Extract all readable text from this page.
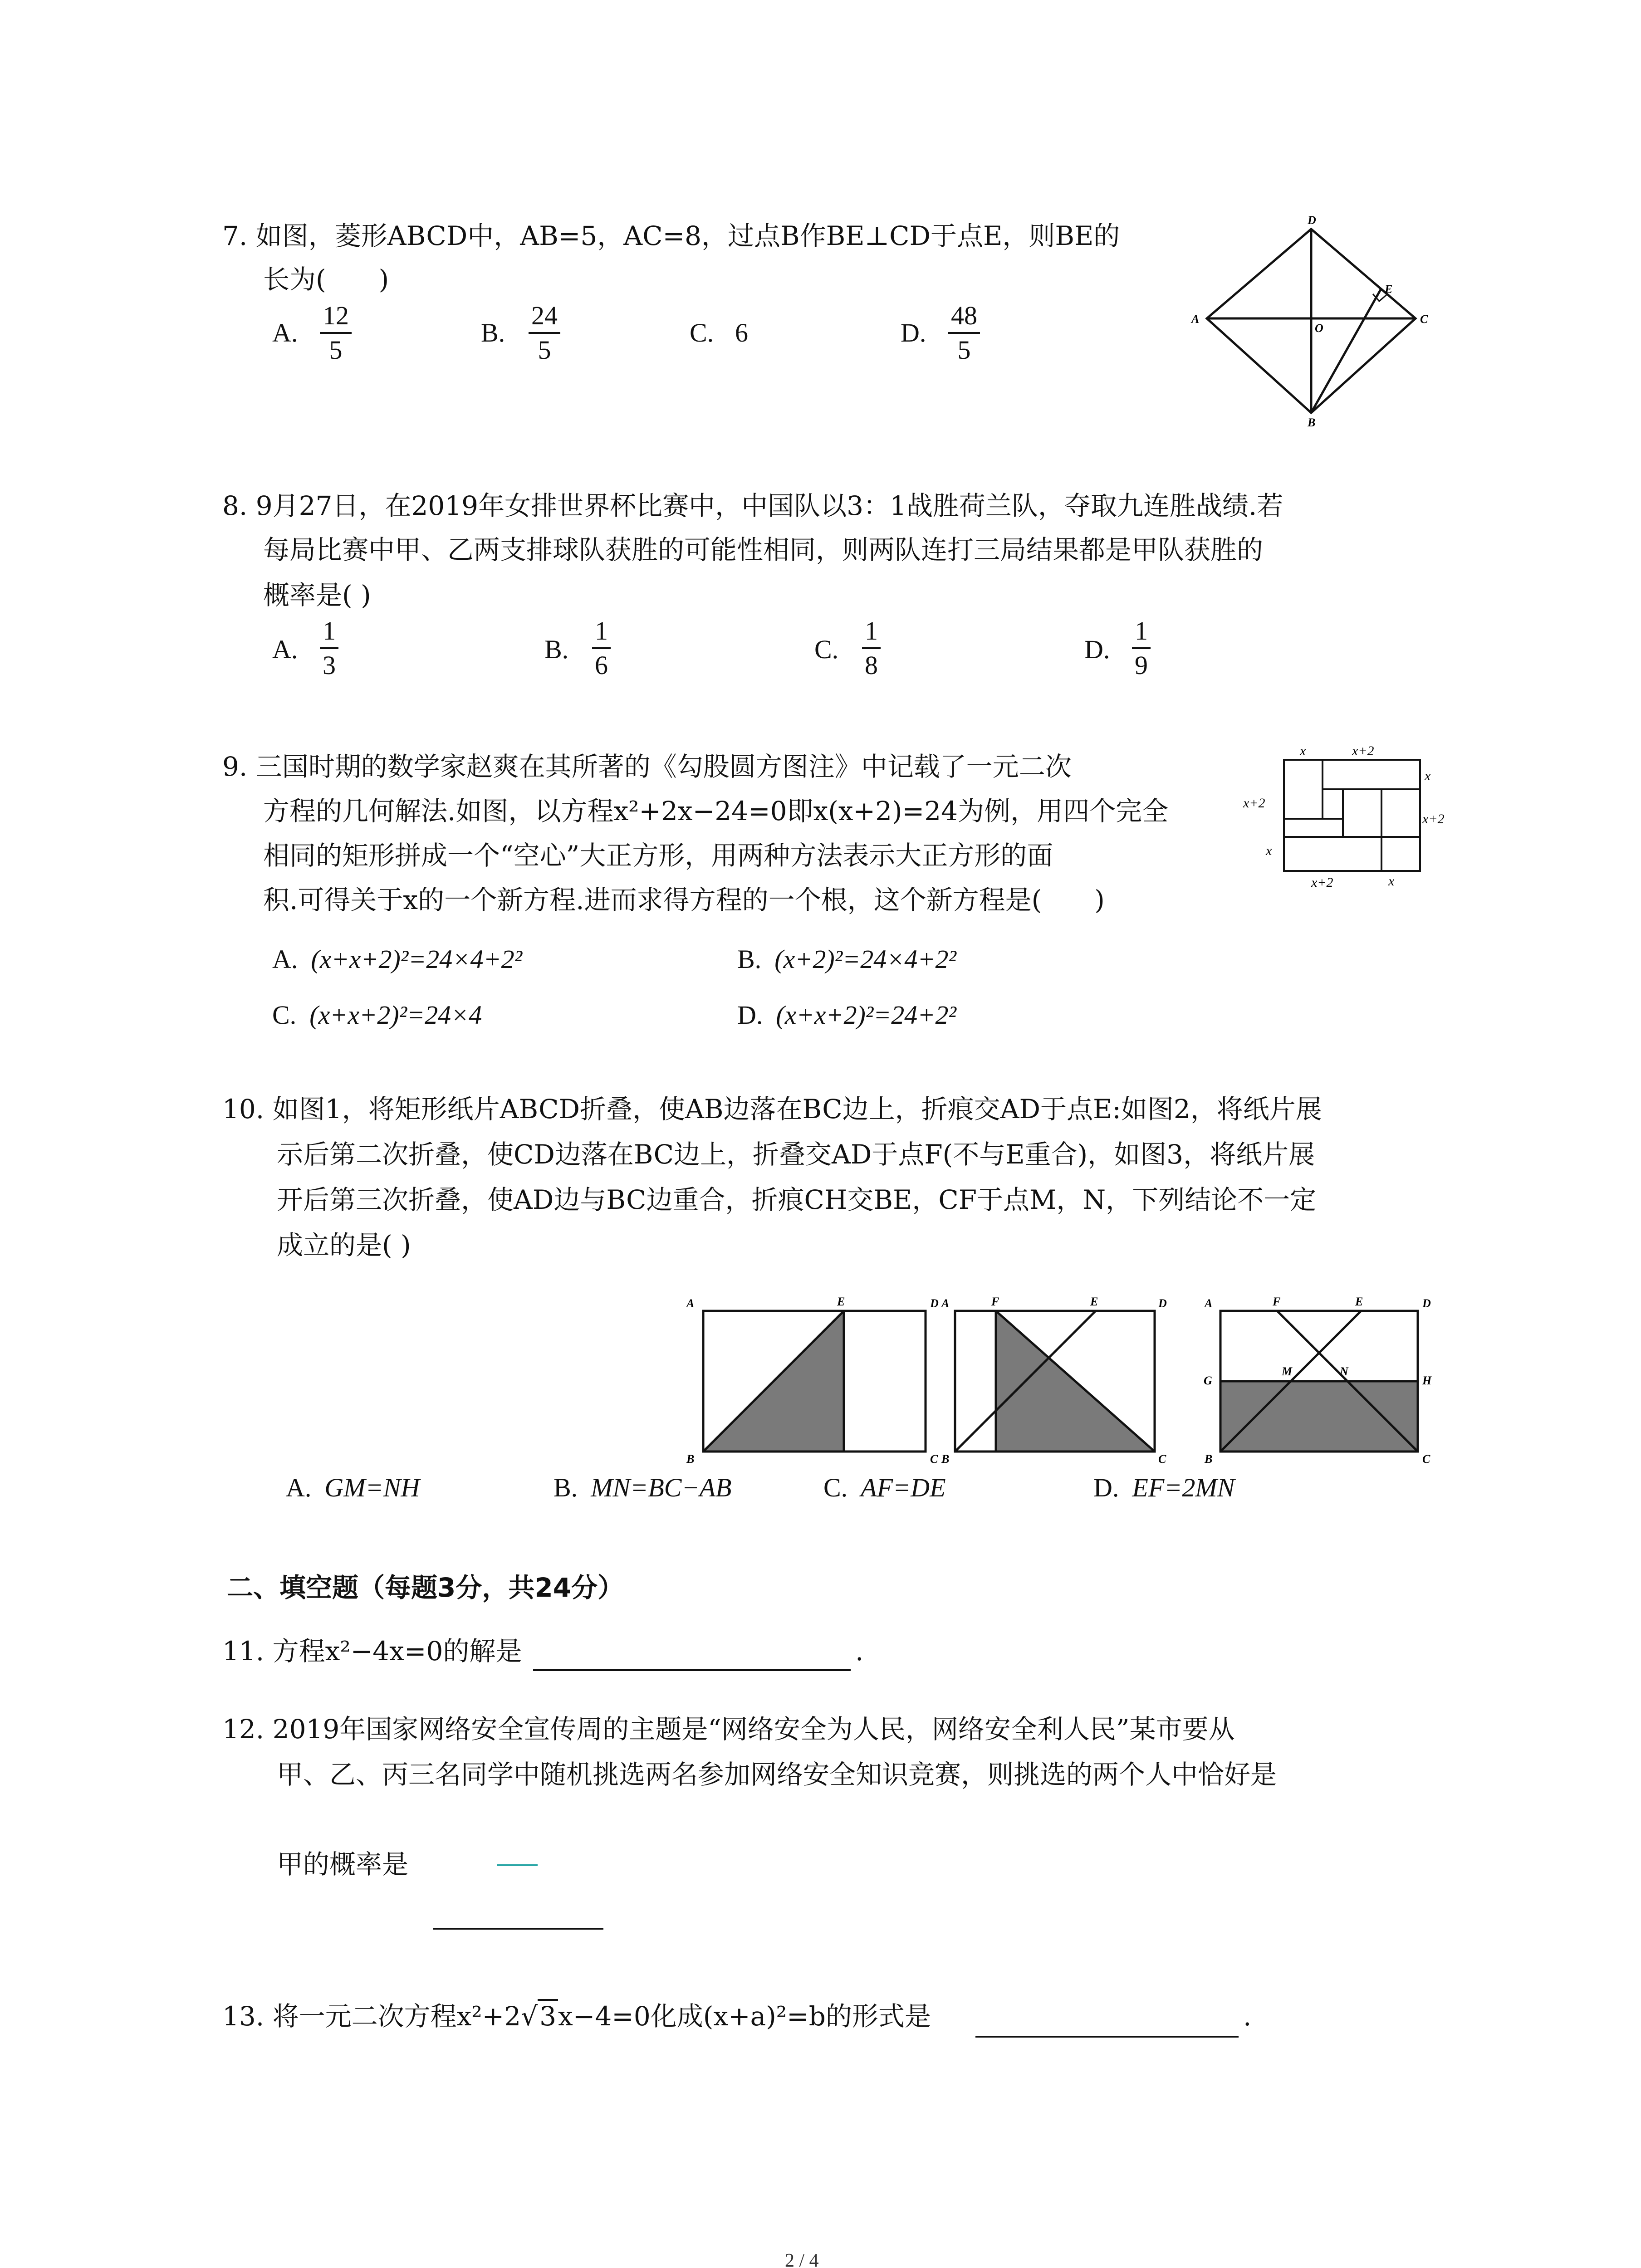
7. 如图，菱形ABCD中，AB=5，AC=8，过点B作BE⊥CD于点E，则BE的
长为(　　)
A. $\frac{12}{5}$	B. $\frac{24}{5}$	C. 6	D. $\frac{48}{5}$
D
A
O
E
C
B
8. 9月27日，在2019年女排世界杯比赛中，中国队以3：1战胜荷兰队，夺取九连胜战绩.若
每局比赛中甲、乙两支排球队获胜的可能性相同，则两队连打三局结果都是甲队获胜的
概率是( )
A. $\frac{1}{3}$	B. $\frac{1}{6}$	C. $\frac{1}{8}$	D. $\frac{1}{9}$
9. 三国时期的数学家赵爽在其所著的《勾股圆方图注》中记载了一元二次
方程的几何解法.如图，以方程x²+2x−24=0即x(x+2)=24为例，用四个完全
相同的矩形拼成一个“空心”大正方形，用两种方法表示大正方形的面
积.可得关于x的一个新方程.进而求得方程的一个根，这个新方程是(　　)
A. (x+x+2)²=24×4+2²	B. (x+2)²=24×4+2²
C. (x+x+2)²=24×4	D. (x+x+2)²=24+2²
x	x+2
x
x+2
x+2
x
x+2	x
10. 如图1，将矩形纸片ABCD折叠，使AB边落在BC边上，折痕交AD于点E:如图2，将纸片展
示后第二次折叠，使CD边落在BC边上，折叠交AD于点F(不与E重合)，如图3，将纸片展
开后第三次折叠，使AD边与BC边重合，折痕CH交BE，CF于点M，N，下列结论不一定
成立的是( )
A	E	D
B	C
A	F	E	D
B	C
A	F	E	D
G
M	N
H
B	C
A. GM=NH	B. MN=BC−AB	C. AF=DE	D. EF=2MN
二、填空题（每题3分，共24分）
11. 方程x²−4x=0的解是	.
12. 2019年国家网络安全宣传周的主题是“网络安全为人民，网络安全利人民”某市要从
甲、乙、丙三名同学中随机挑选两名参加网络安全知识竞赛，则挑选的两个人中恰好是
甲的概率是
13. 将一元二次方程x²+2√3x−4=0化成(x+a)²=b的形式是	.
2 / 4
